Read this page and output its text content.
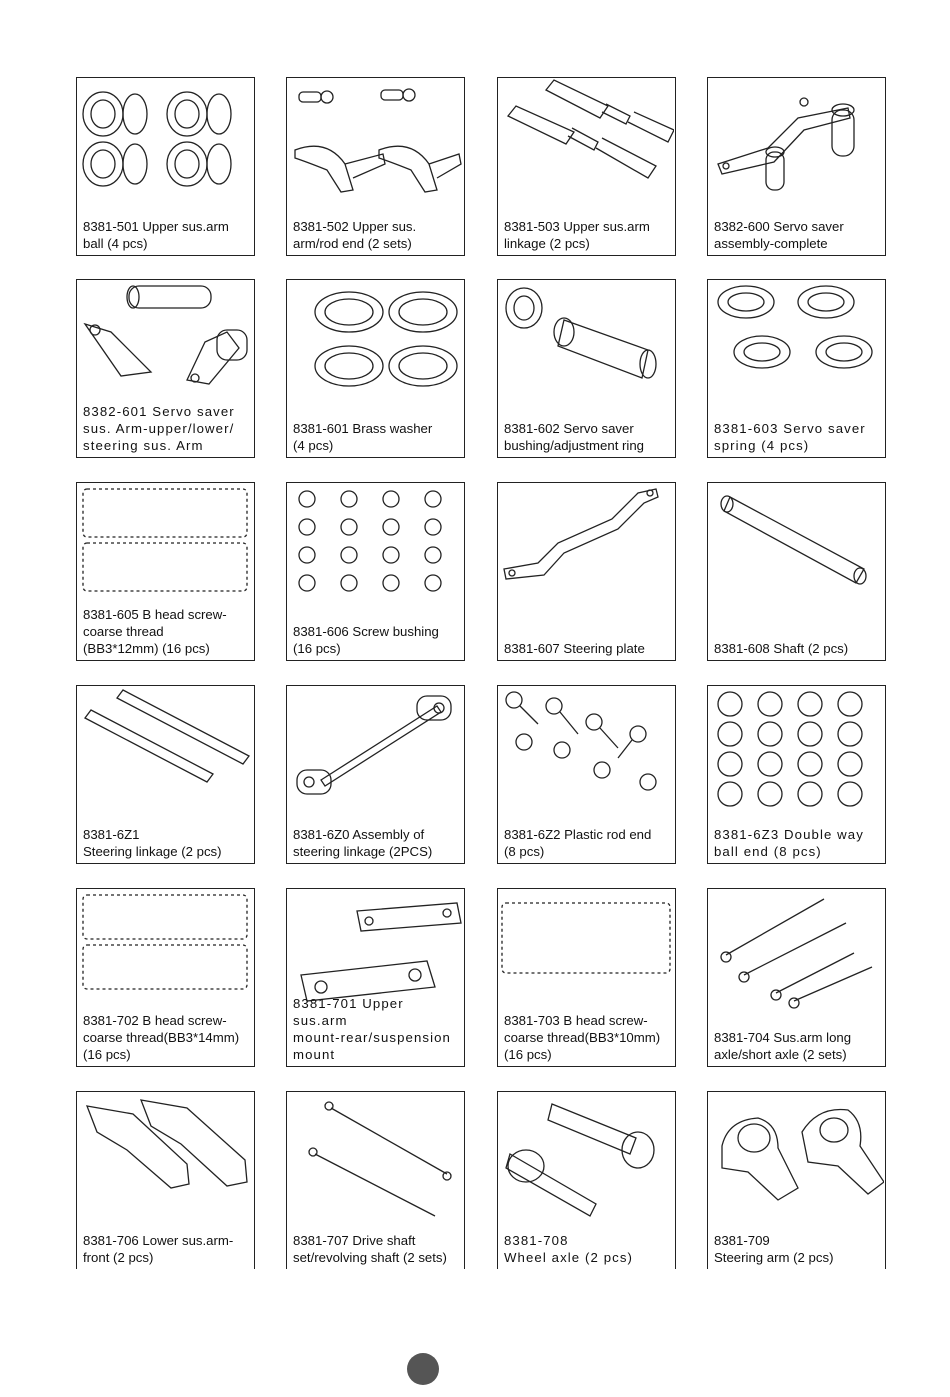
8381-501 Upper sus.arm
ball (4 pcs)
8381-502 Upper sus.
arm/rod end (2 sets)
8381-503 Upper sus.arm
linkage (2 pcs)
8382-600 Servo saver
assembly-complete
8382-601 Servo saver
sus. Arm-upper/lower/
steering sus. Arm
8381-601 Brass washer
(4 pcs)
8381-602 Servo saver
bushing/adjustment ring
8381-603 Servo saver
spring (4 pcs)
8381-605 B head screw-
coarse thread
(BB3*12mm) (16 pcs)
8381-606 Screw bushing
(16 pcs)	8381-607 Steering plate	8381-608 Shaft (2 pcs)
8381-6Z1
Steering linkage (2 pcs)
8381-6Z0 Assembly of
steering linkage (2PCS)
8381-6Z2 Plastic rod end
(8 pcs)
8381-6Z3 Double way
ball end (8 pcs)
8381-702 B head screw-
coarse thread(BB3*14mm)
(16 pcs)
8381-701 Upper sus.arm
mount-rear/suspension
mount
8381-703 B head screw-
coarse thread(BB3*10mm)
(16 pcs)
8381-704 Sus.arm long
axle/short axle (2 sets)
8381-706 Lower sus.arm-
front (2 pcs)
8381-707 Drive shaft
set/revolving shaft (2 sets)
8381-708
Wheel axle (2 pcs)
8381-709
Steering arm (2 pcs)
